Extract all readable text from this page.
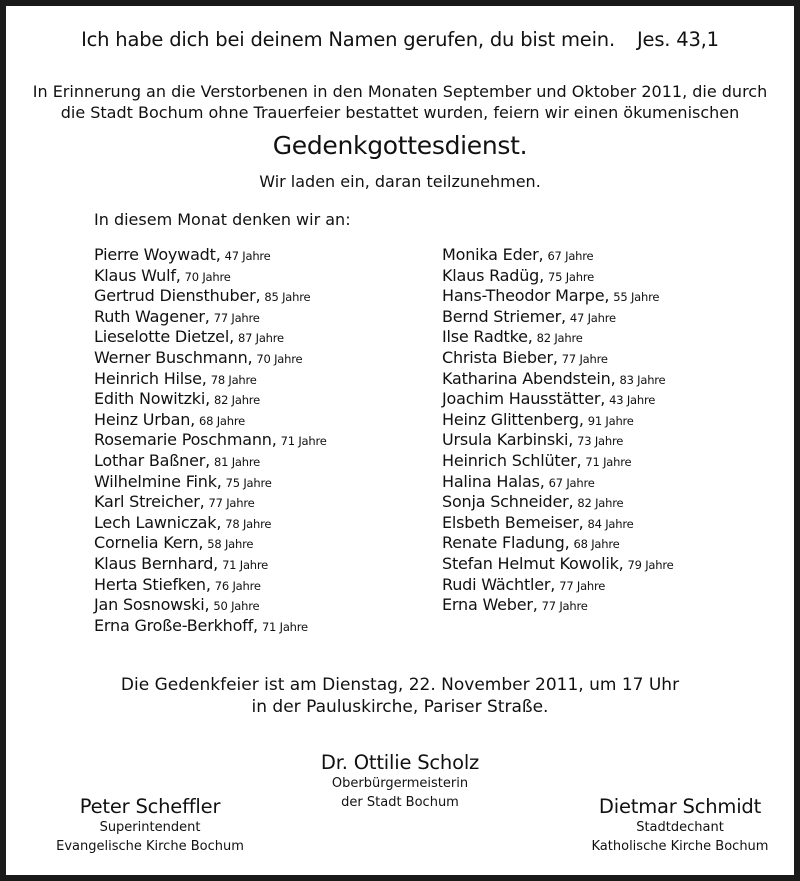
Ich habe dich bei deinem Namen gerufen, du bist mein. Jes. 43,1
In Erinnerung an die Verstorbenen in den Monaten September und Oktober 2011, die durch die Stadt Bochum ohne Trauerfeier bestattet wurden, feiern wir einen ökumenischen
Gedenkgottesdienst.
Wir laden ein, daran teilzunehmen.
In diesem Monat denken wir an:
Pierre Woywadt, 47 Jahre
Klaus Wulf, 70 Jahre
Gertrud Diensthuber, 85 Jahre
Ruth Wagener, 77 Jahre
Lieselotte Dietzel, 87 Jahre
Werner Buschmann, 70 Jahre
Heinrich Hilse, 78 Jahre
Edith Nowitzki, 82 Jahre
Heinz Urban, 68 Jahre
Rosemarie Poschmann, 71 Jahre
Lothar Baßner, 81 Jahre
Wilhelmine Fink, 75 Jahre
Karl Streicher, 77 Jahre
Lech Lawniczak, 78 Jahre
Cornelia Kern, 58 Jahre
Klaus Bernhard, 71 Jahre
Herta Stiefken, 76 Jahre
Jan Sosnowski, 50 Jahre
Erna Große-Berkhoff, 71 Jahre
Monika Eder, 67 Jahre
Klaus Radüg, 75 Jahre
Hans-Theodor Marpe, 55 Jahre
Bernd Striemer, 47 Jahre
Ilse Radtke, 82 Jahre
Christa Bieber, 77 Jahre
Katharina Abendstein, 83 Jahre
Joachim Hausstätter, 43 Jahre
Heinz Glittenberg, 91 Jahre
Ursula Karbinski, 73 Jahre
Heinrich Schlüter, 71 Jahre
Halina Halas, 67 Jahre
Sonja Schneider, 82 Jahre
Elsbeth Bemeiser, 84 Jahre
Renate Fladung, 68 Jahre
Stefan Helmut Kowolik, 79 Jahre
Rudi Wächtler, 77 Jahre
Erna Weber, 77 Jahre
Die Gedenkfeier ist am Dienstag, 22. November 2011, um 17 Uhr
in der Pauluskirche, Pariser Straße.
Dr. Ottilie Scholz
Oberbürgermeisterin
der Stadt Bochum
Peter Scheffler
Superintendent
Evangelische Kirche Bochum
Dietmar Schmidt
Stadtdechant
Katholische Kirche Bochum
